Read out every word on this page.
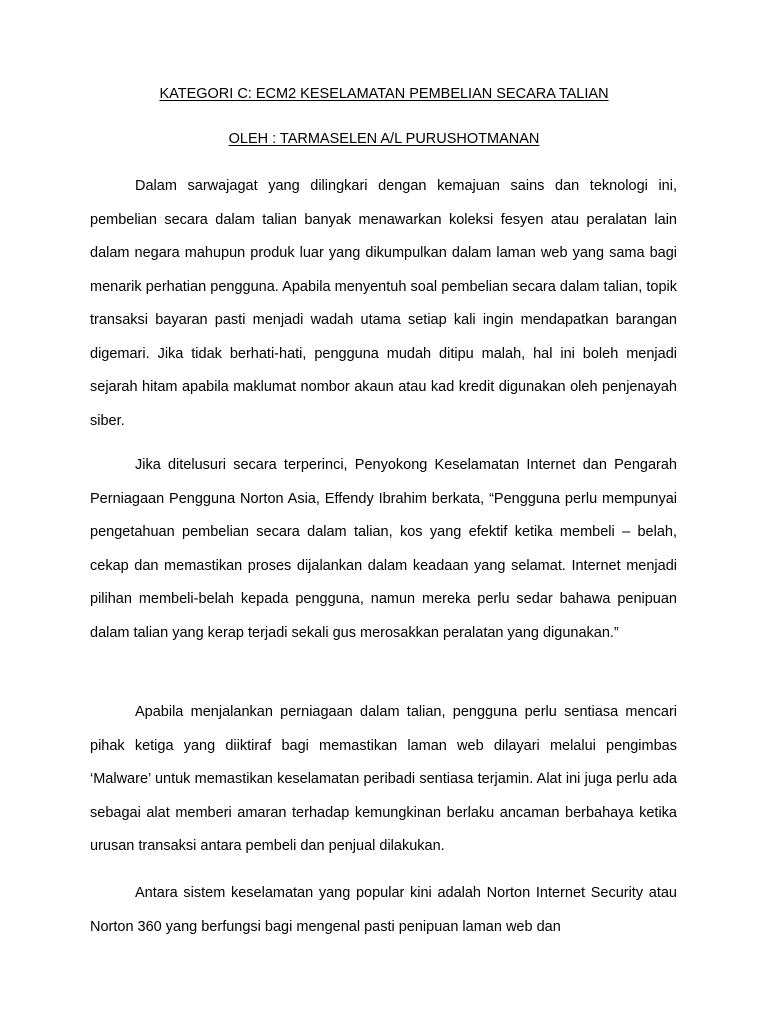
KATEGORI C: ECM2 KESELAMATAN PEMBELIAN SECARA TALIAN
OLEH : TARMASELEN A/L PURUSHOTMANAN

Dalam sarwajagat yang dilingkari dengan kemajuan sains dan teknologi ini, pembelian secara dalam talian banyak menawarkan koleksi fesyen atau peralatan lain dalam negara mahupun produk luar yang dikumpulkan dalam laman web yang sama bagi menarik perhatian pengguna. Apabila menyentuh soal pembelian secara dalam talian, topik transaksi bayaran pasti menjadi wadah utama setiap kali ingin mendapatkan barangan digemari. Jika tidak berhati-hati, pengguna mudah ditipu malah, hal ini boleh menjadi sejarah hitam apabila maklumat nombor akaun atau kad kredit digunakan oleh penjenayah siber.

Jika ditelusuri secara terperinci, Penyokong Keselamatan Internet dan Pengarah Perniagaan Pengguna Norton Asia, Effendy Ibrahim berkata, “Pengguna perlu mempunyai pengetahuan pembelian secara dalam talian, kos yang efektif ketika membeli – belah, cekap dan memastikan proses dijalankan dalam keadaan yang selamat. Internet menjadi pilihan membeli-belah kepada pengguna, namun mereka perlu sedar bahawa penipuan dalam talian yang kerap terjadi sekali gus merosakkan peralatan yang digunakan.”

Apabila menjalankan perniagaan dalam talian, pengguna perlu sentiasa mencari pihak ketiga yang diiktiraf bagi memastikan laman web dilayari melalui pengimbas ‘Malware’ untuk memastikan keselamatan peribadi sentiasa terjamin. Alat ini juga perlu ada sebagai alat memberi amaran terhadap kemungkinan berlaku ancaman berbahaya ketika urusan transaksi antara pembeli dan penjual dilakukan.

Antara sistem keselamatan yang popular kini adalah Norton Internet Security atau Norton 360 yang berfungsi bagi mengenal pasti penipuan laman web dan
